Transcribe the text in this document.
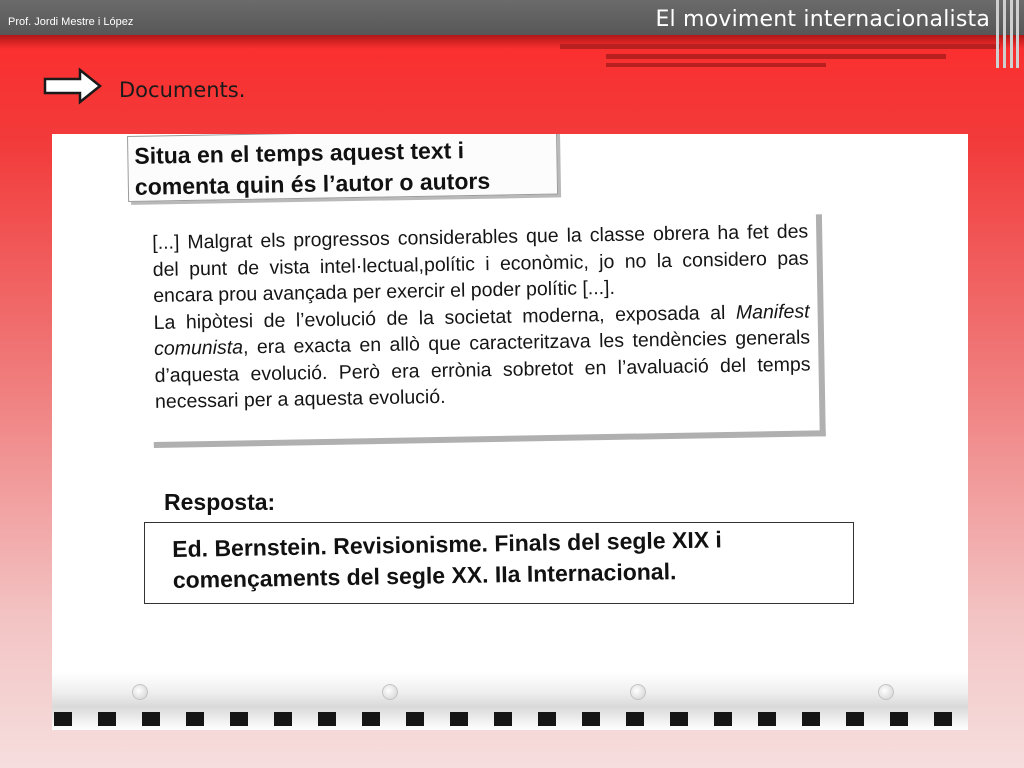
Prof. Jordi Mestre i López	El moviment internacionalista
Documents.
Situa en el temps aquest text i comenta quin és l’autor o autors
[...] Malgrat els progressos considerables que la classe obrera ha fet des del punt de vista intel·lectual,polític i econòmic, jo no la considero pas encara prou avançada per exercir el poder polític [...].
La hipòtesi de l’evolució de la societat moderna, exposada al Manifest comunista, era exacta en allò que caracteritzava les tendències generals d’aquesta evolució. Però era errònia sobretot en l’avaluació del temps necessari per a aquesta evolució.
Resposta:
Ed. Bernstein. Revisionisme. Finals del segle XIX i començaments del segle XX. IIa Internacional.
